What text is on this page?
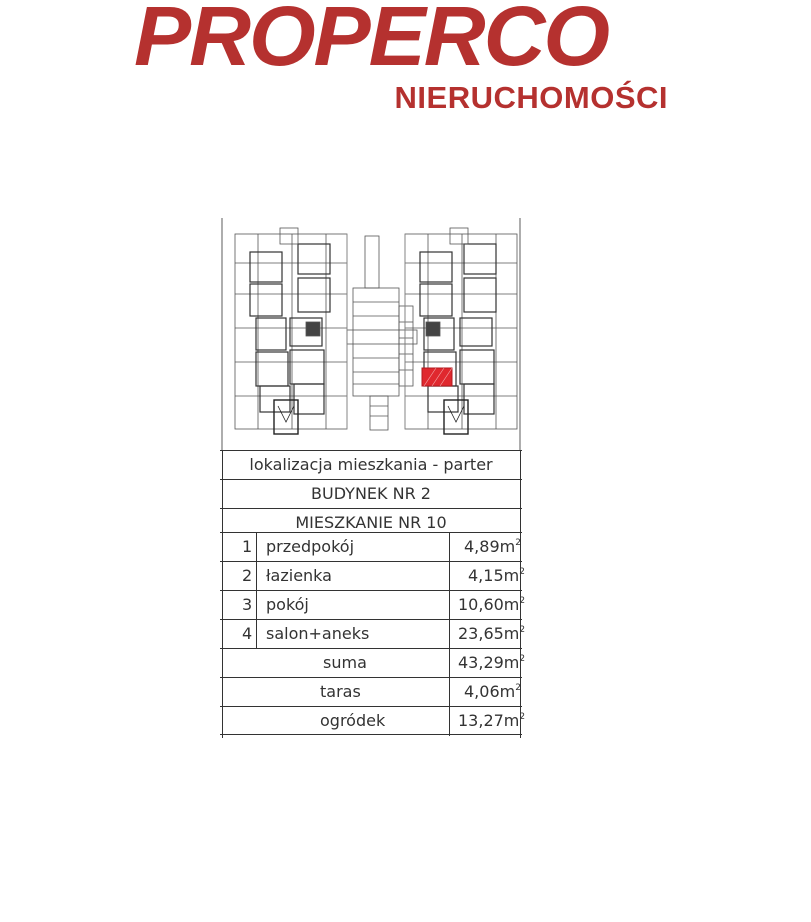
PROPERCO
NIERUCHOMOŚCI
lokalizacja mieszkania - parter
BUDYNEK NR 2
MIESZKANIE NR 10
1 przedpokój	$4,89m^2$
2 łazienka	$4,15m^2$
3 pokój	$10,60m^2$
4 salon+aneks	$23,65m^2$
suma	$43,29m^2$
taras	$4,06m^2$
ogródek	$13,27m^2$
